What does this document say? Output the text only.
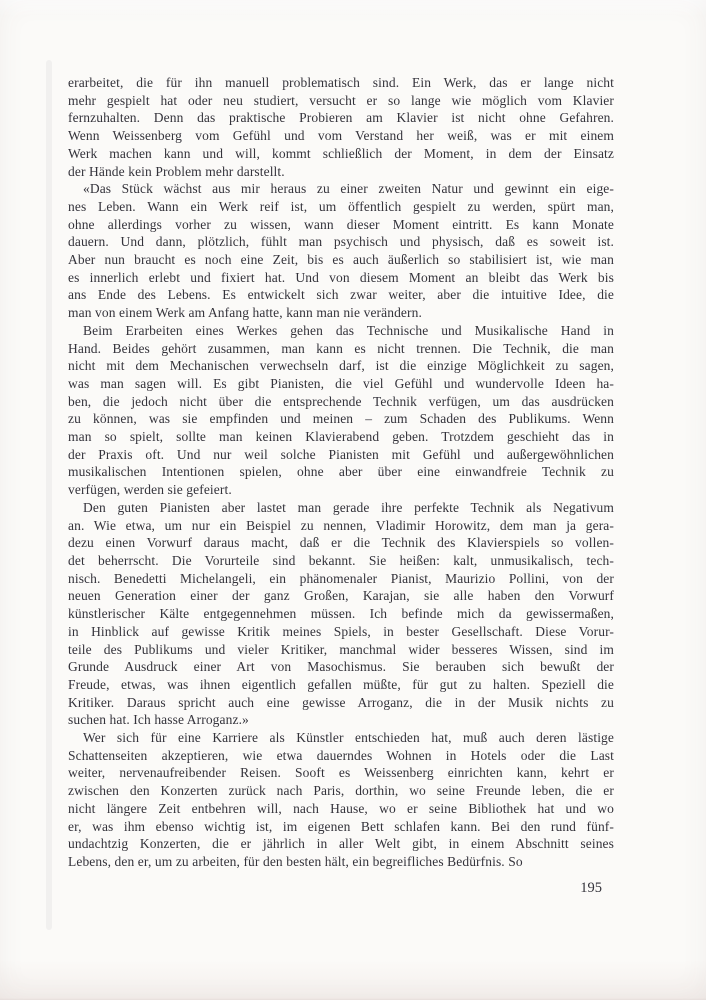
erarbeitet, die für ihn manuell problematisch sind. Ein Werk, das er lange nicht
mehr gespielt hat oder neu studiert, versucht er so lange wie möglich vom Klavier
fernzuhalten. Denn das praktische Probieren am Klavier ist nicht ohne Gefahren.
Wenn Weissenberg vom Gefühl und vom Verstand her weiß, was er mit einem
Werk machen kann und will, kommt schließlich der Moment, in dem der Einsatz
der Hände kein Problem mehr darstellt.
«Das Stück wächst aus mir heraus zu einer zweiten Natur und gewinnt ein eige-
nes Leben. Wann ein Werk reif ist, um öffentlich gespielt zu werden, spürt man,
ohne allerdings vorher zu wissen, wann dieser Moment eintritt. Es kann Monate
dauern. Und dann, plötzlich, fühlt man psychisch und physisch, daß es soweit ist.
Aber nun braucht es noch eine Zeit, bis es auch äußerlich so stabilisiert ist, wie man
es innerlich erlebt und fixiert hat. Und von diesem Moment an bleibt das Werk bis
ans Ende des Lebens. Es entwickelt sich zwar weiter, aber die intuitive Idee, die
man von einem Werk am Anfang hatte, kann man nie verändern.
Beim Erarbeiten eines Werkes gehen das Technische und Musikalische Hand in
Hand. Beides gehört zusammen, man kann es nicht trennen. Die Technik, die man
nicht mit dem Mechanischen verwechseln darf, ist die einzige Möglichkeit zu sagen,
was man sagen will. Es gibt Pianisten, die viel Gefühl und wundervolle Ideen ha-
ben, die jedoch nicht über die entsprechende Technik verfügen, um das ausdrücken
zu können, was sie empfinden und meinen – zum Schaden des Publikums. Wenn
man so spielt, sollte man keinen Klavierabend geben. Trotzdem geschieht das in
der Praxis oft. Und nur weil solche Pianisten mit Gefühl und außergewöhnlichen
musikalischen Intentionen spielen, ohne aber über eine einwandfreie Technik zu
verfügen, werden sie gefeiert.
Den guten Pianisten aber lastet man gerade ihre perfekte Technik als Negativum
an. Wie etwa, um nur ein Beispiel zu nennen, Vladimir Horowitz, dem man ja gera-
dezu einen Vorwurf daraus macht, daß er die Technik des Klavierspiels so vollen-
det beherrscht. Die Vorurteile sind bekannt. Sie heißen: kalt, unmusikalisch, tech-
nisch. Benedetti Michelangeli, ein phänomenaler Pianist, Maurizio Pollini, von der
neuen Generation einer der ganz Großen, Karajan, sie alle haben den Vorwurf
künstlerischer Kälte entgegennehmen müssen. Ich befinde mich da gewissermaßen,
in Hinblick auf gewisse Kritik meines Spiels, in bester Gesellschaft. Diese Vorur-
teile des Publikums und vieler Kritiker, manchmal wider besseres Wissen, sind im
Grunde Ausdruck einer Art von Masochismus. Sie berauben sich bewußt der
Freude, etwas, was ihnen eigentlich gefallen müßte, für gut zu halten. Speziell die
Kritiker. Daraus spricht auch eine gewisse Arroganz, die in der Musik nichts zu
suchen hat. Ich hasse Arroganz.»
Wer sich für eine Karriere als Künstler entschieden hat, muß auch deren lästige
Schattenseiten akzeptieren, wie etwa dauerndes Wohnen in Hotels oder die Last
weiter, nervenaufreibender Reisen. Sooft es Weissenberg einrichten kann, kehrt er
zwischen den Konzerten zurück nach Paris, dorthin, wo seine Freunde leben, die er
nicht längere Zeit entbehren will, nach Hause, wo er seine Bibliothek hat und wo
er, was ihm ebenso wichtig ist, im eigenen Bett schlafen kann. Bei den rund fünf-
undachtzig Konzerten, die er jährlich in aller Welt gibt, in einem Abschnitt seines
Lebens, den er, um zu arbeiten, für den besten hält, ein begreifliches Bedürfnis. So
195
